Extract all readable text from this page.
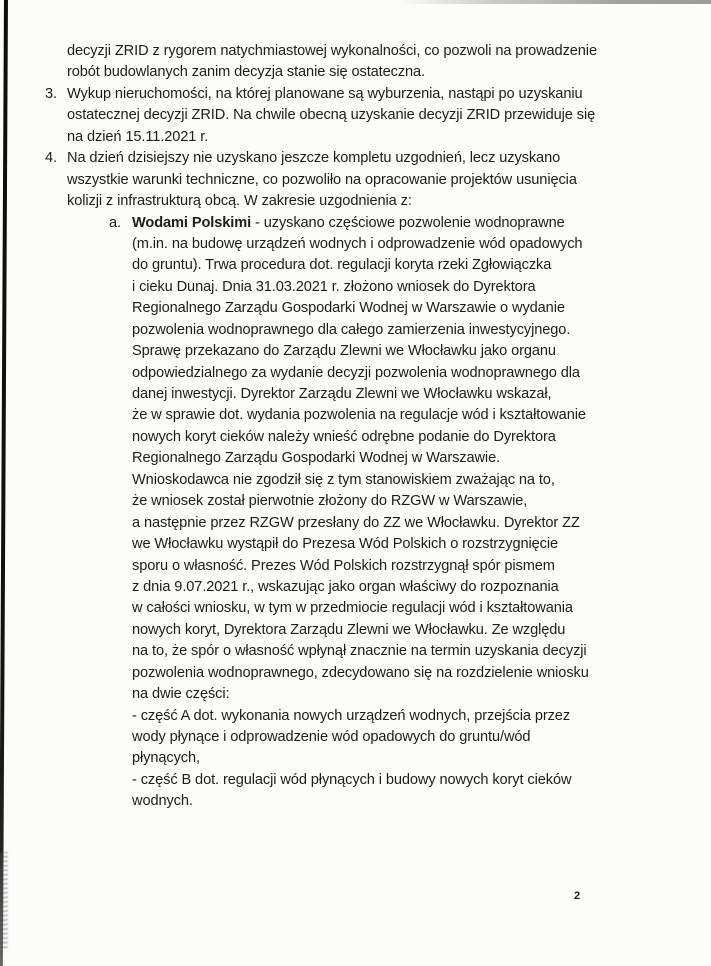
decyzji ZRID z rygorem natychmiastowej wykonalności, co pozwoli na prowadzenie
robót budowlanych zanim decyzja stanie się ostateczna.
3. Wykup nieruchomości, na której planowane są wyburzenia, nastąpi po uzyskaniu
ostatecznej decyzji ZRID. Na chwile obecną uzyskanie decyzji ZRID przewiduje się
na dzień 15.11.2021 r.
4. Na dzień dzisiejszy nie uzyskano jeszcze kompletu uzgodnień, lecz uzyskano
wszystkie warunki techniczne, co pozwoliło na opracowanie projektów usunięcia
kolizji z infrastrukturą obcą. W zakresie uzgodnienia z:
a. Wodami Polskimi - uzyskano częściowe pozwolenie wodnoprawne
(m.in. na budowę urządzeń wodnych i odprowadzenie wód opadowych
do gruntu). Trwa procedura dot. regulacji koryta rzeki Zgłowiączka
i cieku Dunaj. Dnia 31.03.2021 r. złożono wniosek do Dyrektora
Regionalnego Zarządu Gospodarki Wodnej w Warszawie o wydanie
pozwolenia wodnoprawnego dla całego zamierzenia inwestycyjnego.
Sprawę przekazano do Zarządu Zlewni we Włocławku jako organu
odpowiedzialnego za wydanie decyzji pozwolenia wodnoprawnego dla
danej inwestycji. Dyrektor Zarządu Zlewni we Włocławku wskazał,
że w sprawie dot. wydania pozwolenia na regulacje wód i kształtowanie
nowych koryt cieków należy wnieść odrębne podanie do Dyrektora
Regionalnego Zarządu Gospodarki Wodnej w Warszawie.
Wnioskodawca nie zgodził się z tym stanowiskiem zważając na to,
że wniosek został pierwotnie złożony do RZGW w Warszawie,
a następnie przez RZGW przesłany do ZZ we Włocławku. Dyrektor ZZ
we Włocławku wystąpił do Prezesa Wód Polskich o rozstrzygnięcie
sporu o własność. Prezes Wód Polskich rozstrzygnął spór pismem
z dnia 9.07.2021 r., wskazując jako organ właściwy do rozpoznania
w całości wniosku, w tym w przedmiocie regulacji wód i kształtowania
nowych koryt, Dyrektora Zarządu Zlewni we Włocławku. Ze względu
na to, że spór o własność wpłynął znacznie na termin uzyskania decyzji
pozwolenia wodnoprawnego, zdecydowano się na rozdzielenie wniosku
na dwie części:
- część A dot. wykonania nowych urządzeń wodnych, przejścia przez
wody płynące i odprowadzenie wód opadowych do gruntu/wód
płynących,
- część B dot. regulacji wód płynących i budowy nowych koryt cieków
wodnych.
2
